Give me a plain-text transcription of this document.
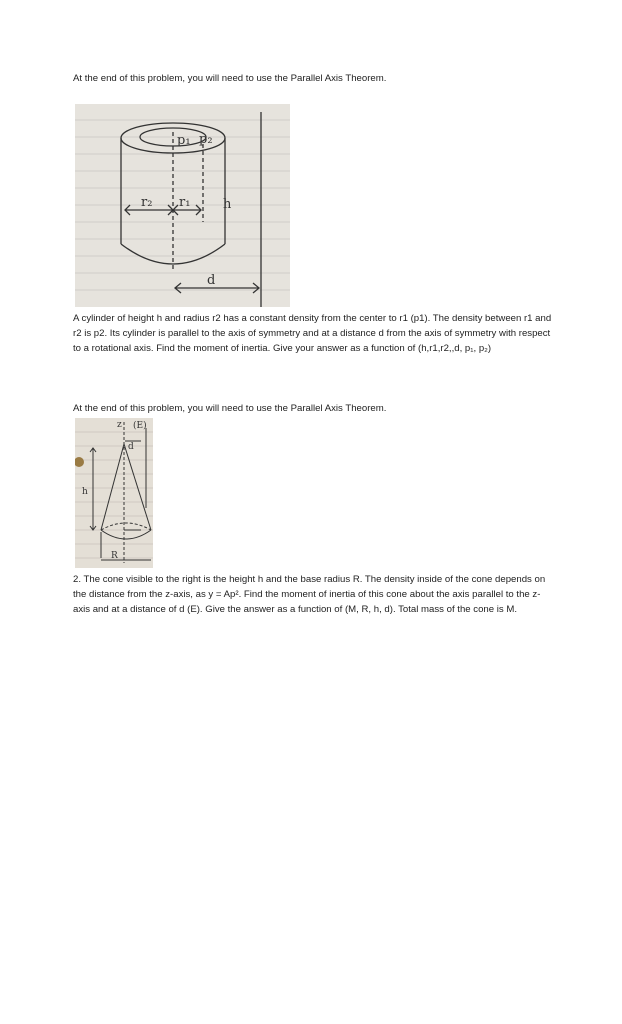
At the end of this problem, you will need to use the Parallel Axis Theorem.

p₁ p₂
r₂ r₁	h
d

A cylinder of height h and radius r2 has a constant density from the center to r1 (p1). The density between r1 and r2 is p2. Its cylinder is parallel to the axis of symmetry and at a distance d from the axis of symmetry with respect to a rotational axis. Find the moment of inertia. Give your answer as a function of (h,r1,r2,,d, p₁, p₂)

At the end of this problem, you will need to use the Parallel Axis Theorem.

z (E)
d
h
R

2. The cone visible to the right is the height h and the base radius R. The density inside of the cone depends on the distance from the z-axis, as y = Ap². Find the moment of inertia of this cone about the axis parallel to the z-axis and at a distance of d (E). Give the answer as a function of (M, R, h, d). Total mass of the cone is M.
